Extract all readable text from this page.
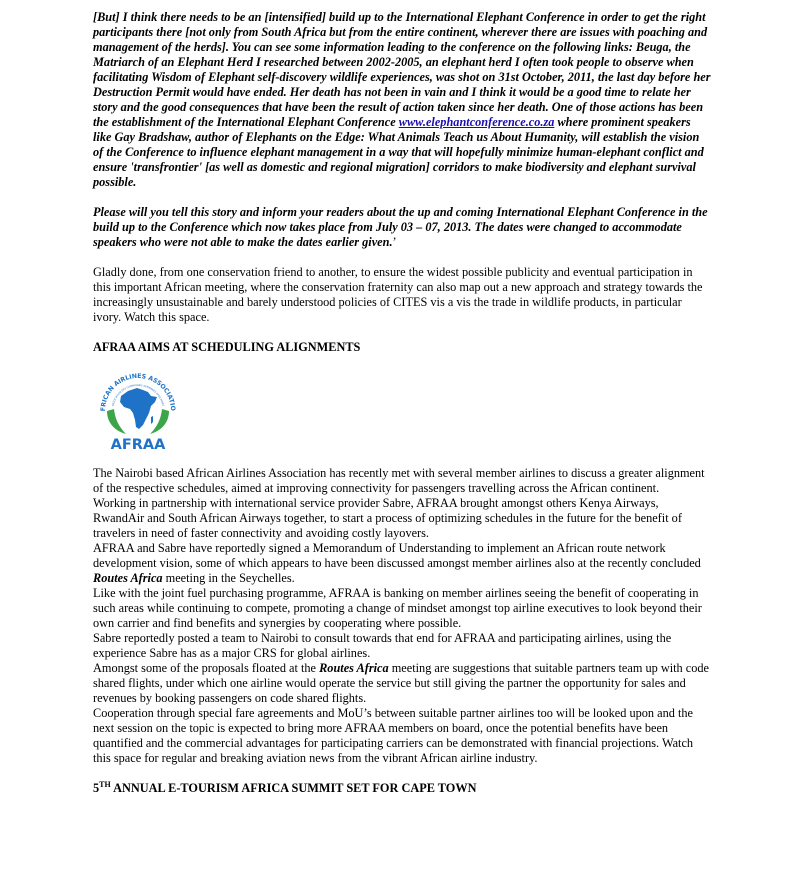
[But] I think there needs to be an [intensified] build up to the International Elephant Conference in order to get the right participants there [not only from South Africa but from the entire continent, wherever there are issues with poaching and management of the herds]. You can see some information leading to the conference on the following links: Beuga, the Matriarch of an Elephant Herd I researched between 2002-2005, an elephant herd I often took people to observe when facilitating Wisdom of Elephant self-discovery wildlife experiences, was shot on 31st October, 2011, the last day before her Destruction Permit would have ended. Her death has not been in vain and I think it would be a good time to relate her story and the good consequences that have been the result of action taken since her death. One of those actions has been the establishment of the International Elephant Conference www.elephantconference.co.za where prominent speakers like Gay Bradshaw, author of Elephants on the Edge: What Animals Teach us About Humanity, will establish the vision of the Conference to influence elephant management in a way that will hopefully minimize human-elephant conflict and ensure 'transfrontier' [as well as domestic and regional migration] corridors to make biodiversity and elephant survival possible.

Please will you tell this story and inform your readers about the up and coming International Elephant Conference in the build up to the Conference which now takes place from July 03 – 07, 2013. The dates were changed to accommodate speakers who were not able to make the dates earlier given.’

Gladly done, from one conservation friend to another, to ensure the widest possible publicity and eventual participation in this important African meeting, where the conservation fraternity can also map out a new approach and strategy towards the increasingly unsustainable and barely understood policies of CITES vis a vis the trade in wildlife products, in particular ivory. Watch this space.

AFRAA AIMS AT SCHEDULING ALIGNMENTS
FRICAN AIRLINES ASSOCIATIO
ASSOCIATION DES COMPAGNIES AERIENNES AFRICAINES
AFRAA

The Nairobi based African Airlines Association has recently met with several member airlines to discuss a greater alignment of the respective schedules, aimed at improving connectivity for passengers travelling across the African continent.

Working in partnership with international service provider Sabre, AFRAA brought amongst others Kenya Airways, RwandAir and South African Airways together, to start a process of optimizing schedules in the future for the benefit of travelers in need of faster connectivity and avoiding costly layovers.

AFRAA and Sabre have reportedly signed a Memorandum of Understanding to implement an African route network development vision, some of which appears to have been discussed amongst member airlines also at the recently concluded Routes Africa meeting in the Seychelles.

Like with the joint fuel purchasing programme, AFRAA is banking on member airlines seeing the benefit of cooperating in such areas while continuing to compete, promoting a change of mindset amongst top airline executives to look beyond their own carrier and find benefits and synergies by cooperating where possible.

Sabre reportedly posted a team to Nairobi to consult towards that end for AFRAA and participating airlines, using the experience Sabre has as a major CRS for global airlines.

Amongst some of the proposals floated at the Routes Africa meeting are suggestions that suitable partners team up with code shared flights, under which one airline would operate the service but still giving the partner the opportunity for sales and revenues by booking passengers on code shared flights.

Cooperation through special fare agreements and MoU’s between suitable partner airlines too will be looked upon and the next session on the topic is expected to bring more AFRAA members on board, once the potential benefits have been quantified and the commercial advantages for participating carriers can be demonstrated with financial projections. Watch this space for regular and breaking aviation news from the vibrant African airline industry.

5TH ANNUAL E-TOURISM AFRICA SUMMIT SET FOR CAPE TOWN
